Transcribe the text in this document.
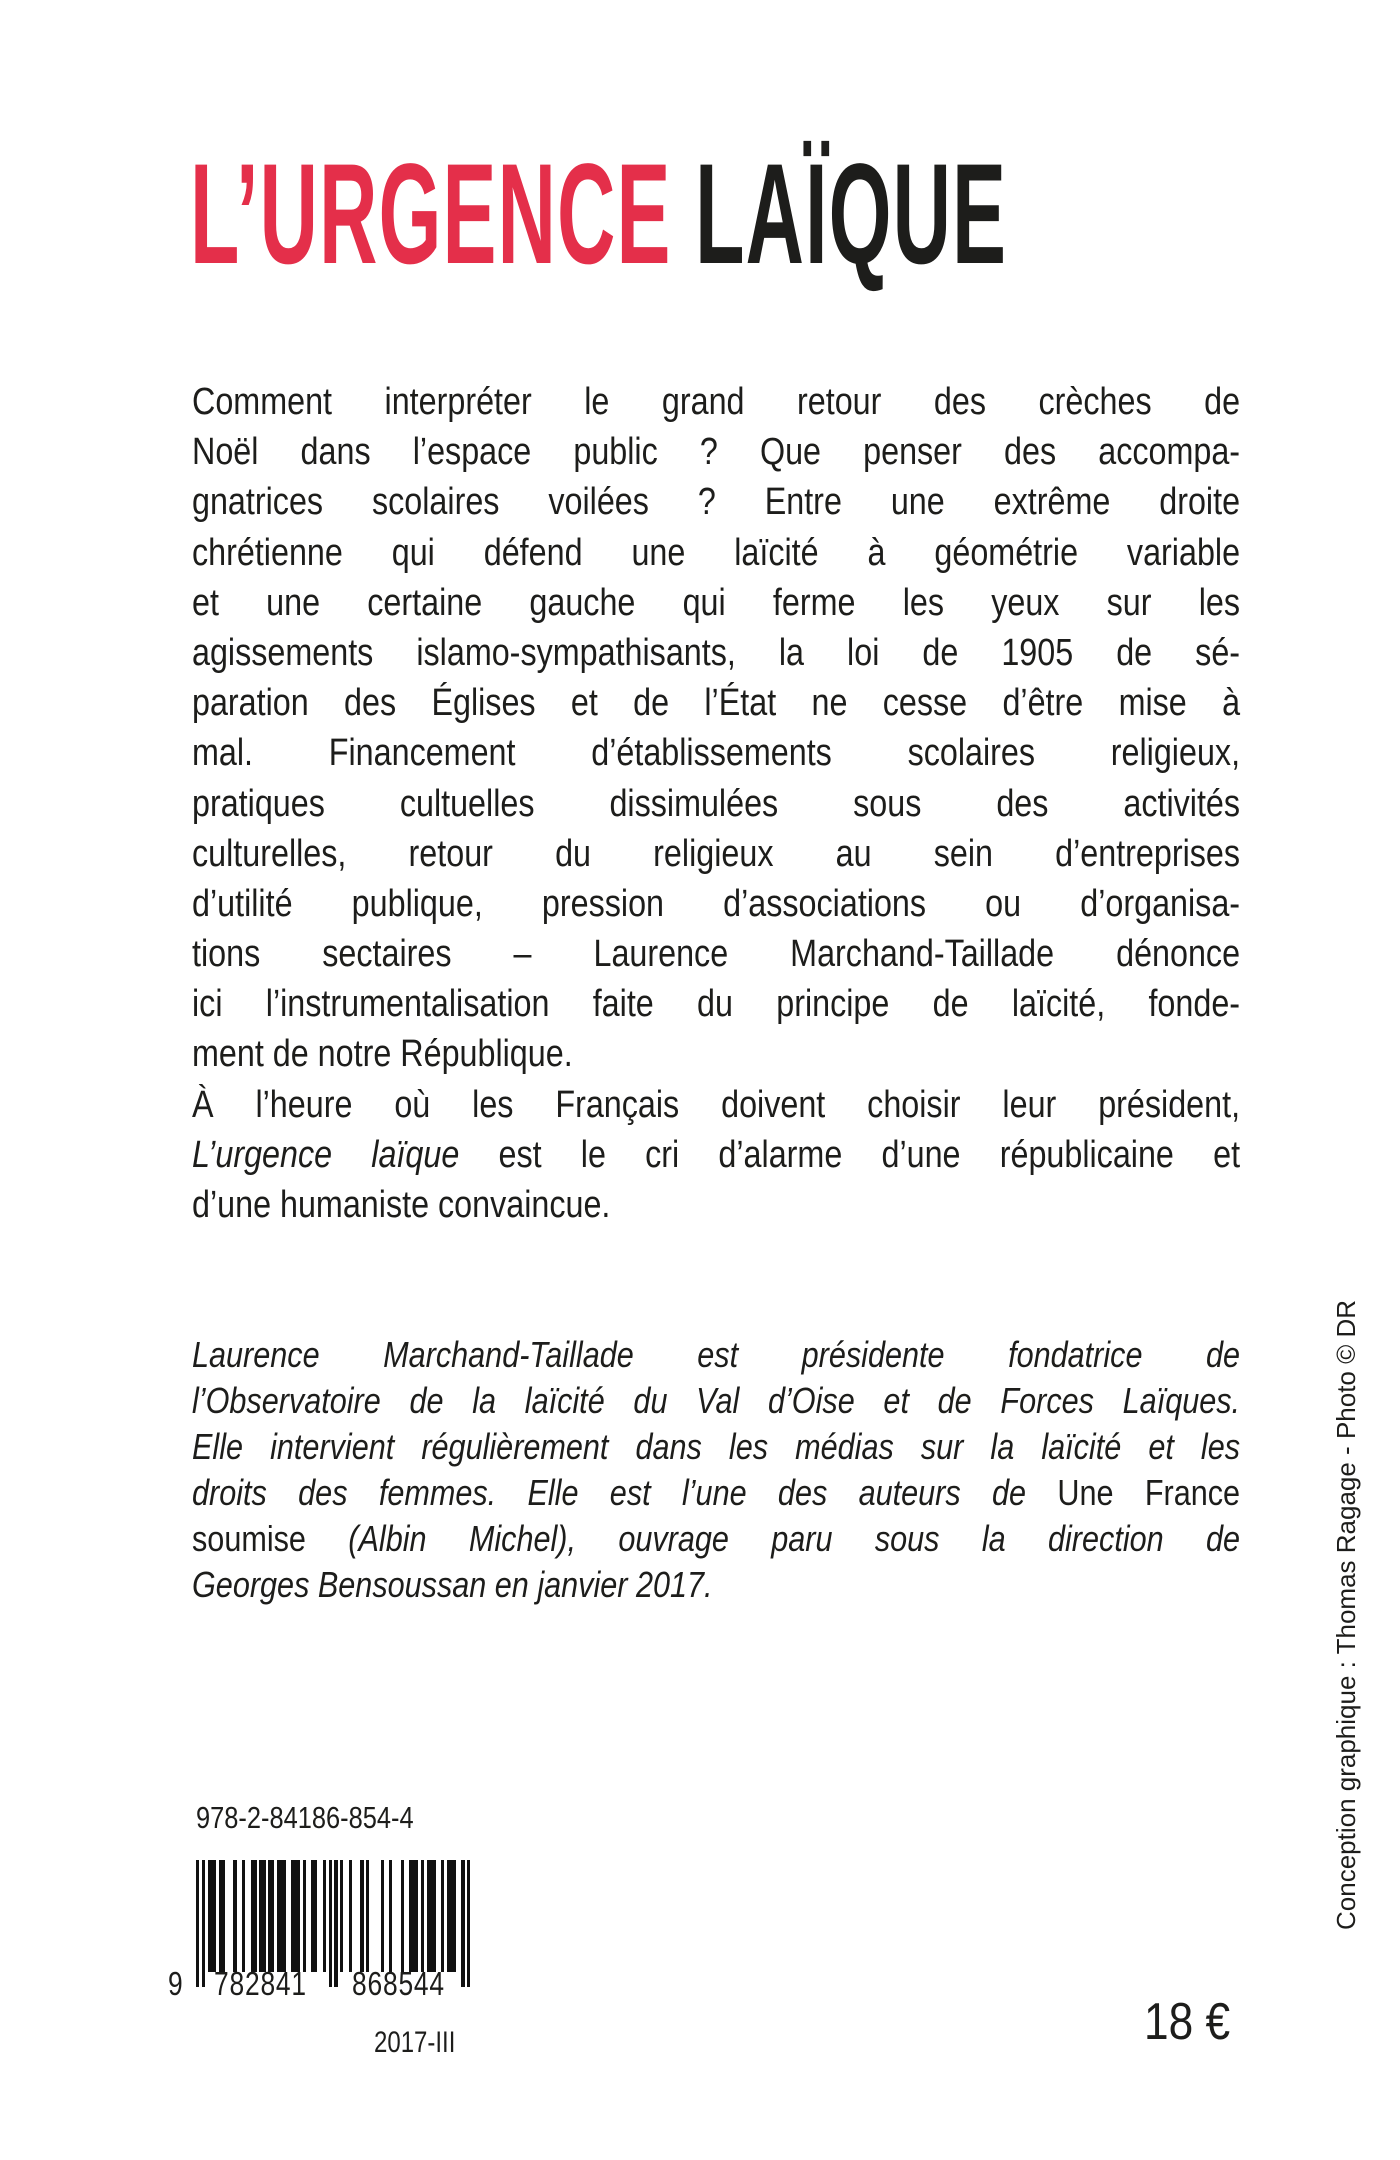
L’URGENCE LAÏQUE
Comment interpréter le grand retour des crèches de
Noël dans l’espace public ? Que penser des accompa-
gnatrices scolaires voilées ? Entre une extrême droite
chrétienne qui défend une laïcité à géométrie variable
et une certaine gauche qui ferme les yeux sur les
agissements islamo-sympathisants, la loi de 1905 de sé-
paration des Églises et de l’État ne cesse d’être mise à
mal. Financement d’établissements scolaires religieux,
pratiques cultuelles dissimulées sous des activités
culturelles, retour du religieux au sein d’entreprises
d’utilité publique, pression d’associations ou d’organisa-
tions sectaires – Laurence Marchand-Taillade dénonce
ici l’instrumentalisation faite du principe de laïcité, fonde-
ment de notre République.
À l’heure où les Français doivent choisir leur président,
L’urgence laïque est le cri d’alarme d’une républicaine et
d’une humaniste convaincue.
Laurence Marchand-Taillade est présidente fondatrice de
l’Observatoire de la laïcité du Val d’Oise et de Forces Laïques.
Elle intervient régulièrement dans les médias sur la laïcité et les
droits des femmes. Elle est l’une des auteurs de Une France
soumise (Albin Michel), ouvrage paru sous la direction de
Georges Bensoussan en janvier 2017.
978-2-84186-854-4
9 782841 868544
2017-III	18 €
Conception graphique : Thomas Ragage - Photo © DR
